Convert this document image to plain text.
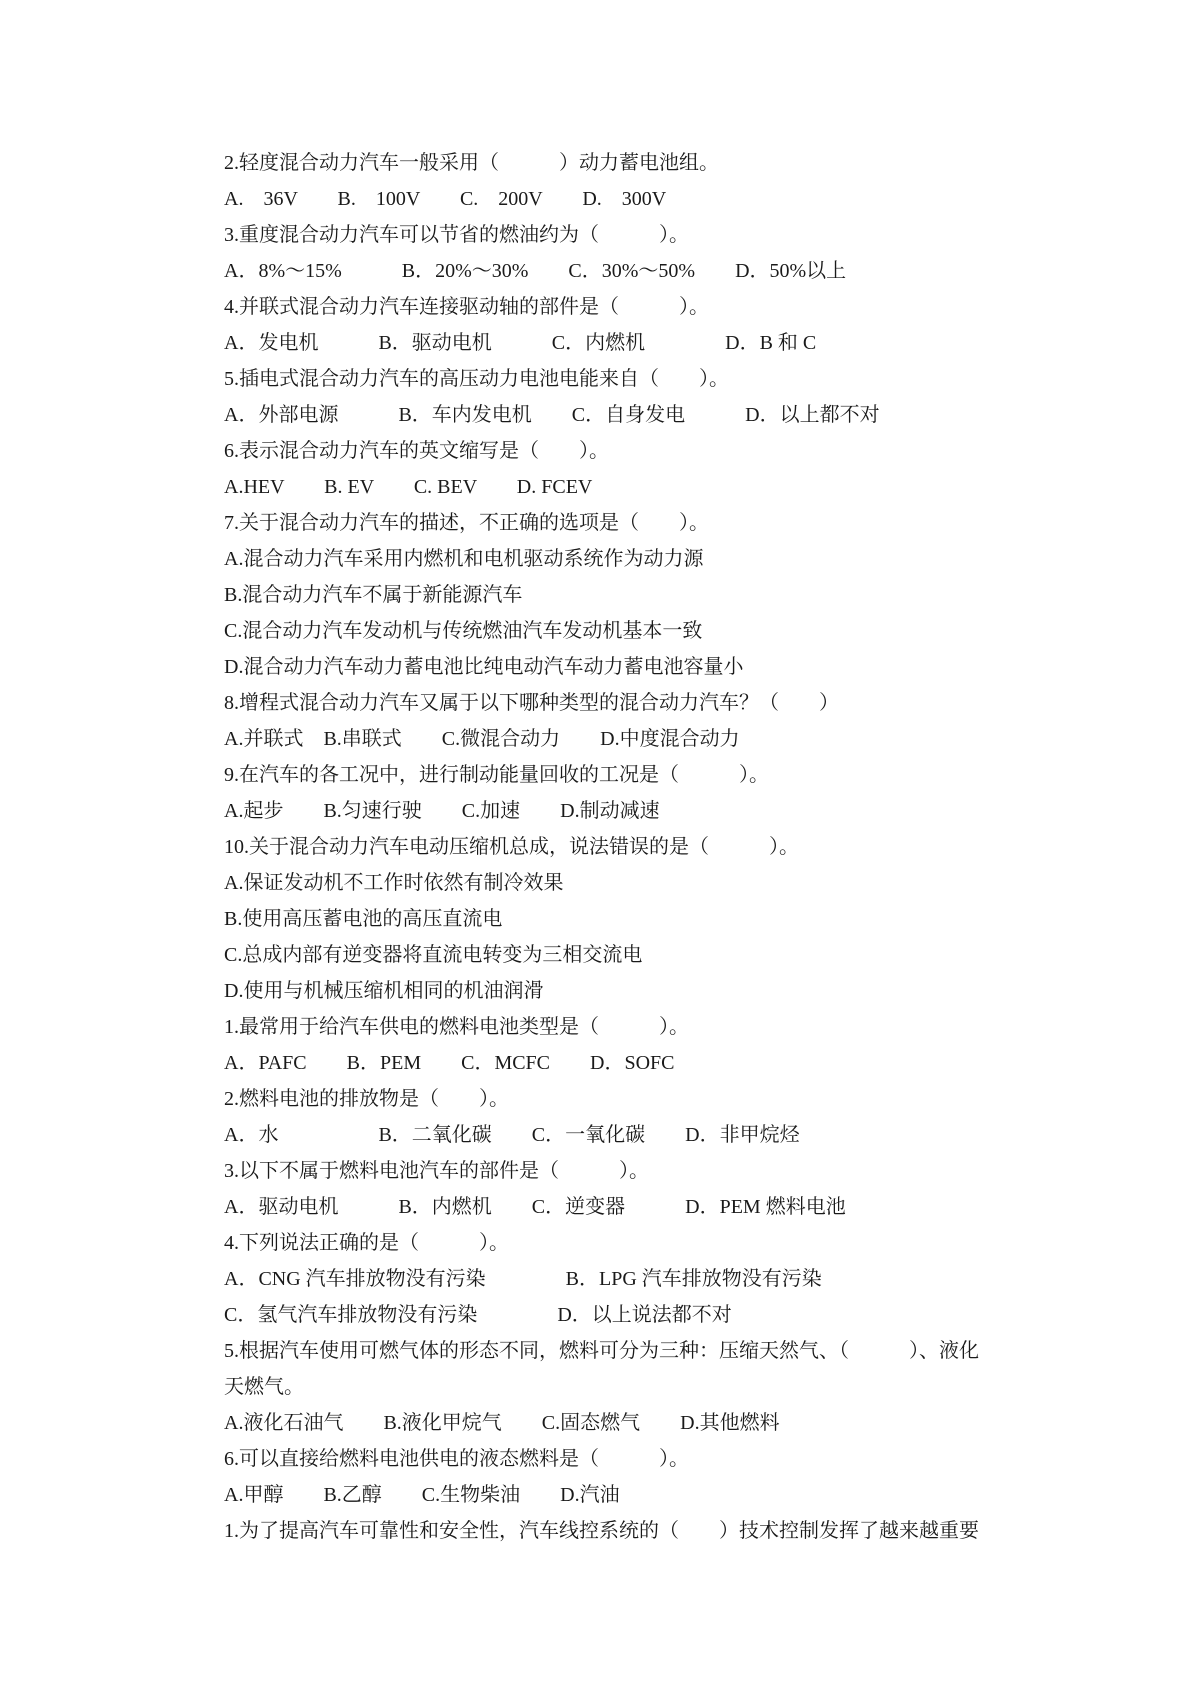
2.轻度混合动力汽车一般采用（　　　）动力蓄电池组。
A.　36V　　B.　100V　　C.　200V　　D.　300V
3.重度混合动力汽车可以节省的燃油约为（　　　）。
A．8%～15%　　　B．20%～30%　　C．30%～50%　　D．50%以上
4.并联式混合动力汽车连接驱动轴的部件是（　　　）。
A．发电机　　　B．驱动电机　　　C．内燃机　　　　D．B 和 C
5.插电式混合动力汽车的高压动力电池电能来自（　　）。
A．外部电源　　　B．车内发电机　　C．自身发电　　　D．以上都不对
6.表示混合动力汽车的英文缩写是（　　）。
A.HEV　　B. EV　　C. BEV　　D. FCEV
7.关于混合动力汽车的描述，不正确的选项是（　　）。
A.混合动力汽车采用内燃机和电机驱动系统作为动力源
B.混合动力汽车不属于新能源汽车
C.混合动力汽车发动机与传统燃油汽车发动机基本一致
D.混合动力汽车动力蓄电池比纯电动汽车动力蓄电池容量小
8.增程式混合动力汽车又属于以下哪种类型的混合动力汽车？（　　）
A.并联式　B.串联式　　C.微混合动力　　D.中度混合动力
9.在汽车的各工况中，进行制动能量回收的工况是（　　　）。
A.起步　　B.匀速行驶　　C.加速　　D.制动减速
10.关于混合动力汽车电动压缩机总成，说法错误的是（　　　）。
A.保证发动机不工作时依然有制冷效果
B.使用高压蓄电池的高压直流电
C.总成内部有逆变器将直流电转变为三相交流电
D.使用与机械压缩机相同的机油润滑
1.最常用于给汽车供电的燃料电池类型是（　　　）。
A．PAFC　　B．PEM　　C．MCFC　　D．SOFC
2.燃料电池的排放物是（　　）。
A．水　　　　　B．二氧化碳　　C．一氧化碳　　D．非甲烷烃
3.以下不属于燃料电池汽车的部件是（　　　）。
A．驱动电机　　　B．内燃机　　C．逆变器　　　D．PEM 燃料电池
4.下列说法正确的是（　　　）。
A．CNG 汽车排放物没有污染　　　　B．LPG 汽车排放物没有污染
C．氢气汽车排放物没有污染　　　　D．以上说法都不对
5.根据汽车使用可燃气体的形态不同，燃料可分为三种：压缩天然气、（　　　）、液化
天燃气。
A.液化石油气　　B.液化甲烷气　　C.固态燃气　　D.其他燃料
6.可以直接给燃料电池供电的液态燃料是（　　　）。
A.甲醇　　B.乙醇　　C.生物柴油　　D.汽油
1.为了提高汽车可靠性和安全性，汽车线控系统的（　　）技术控制发挥了越来越重要
